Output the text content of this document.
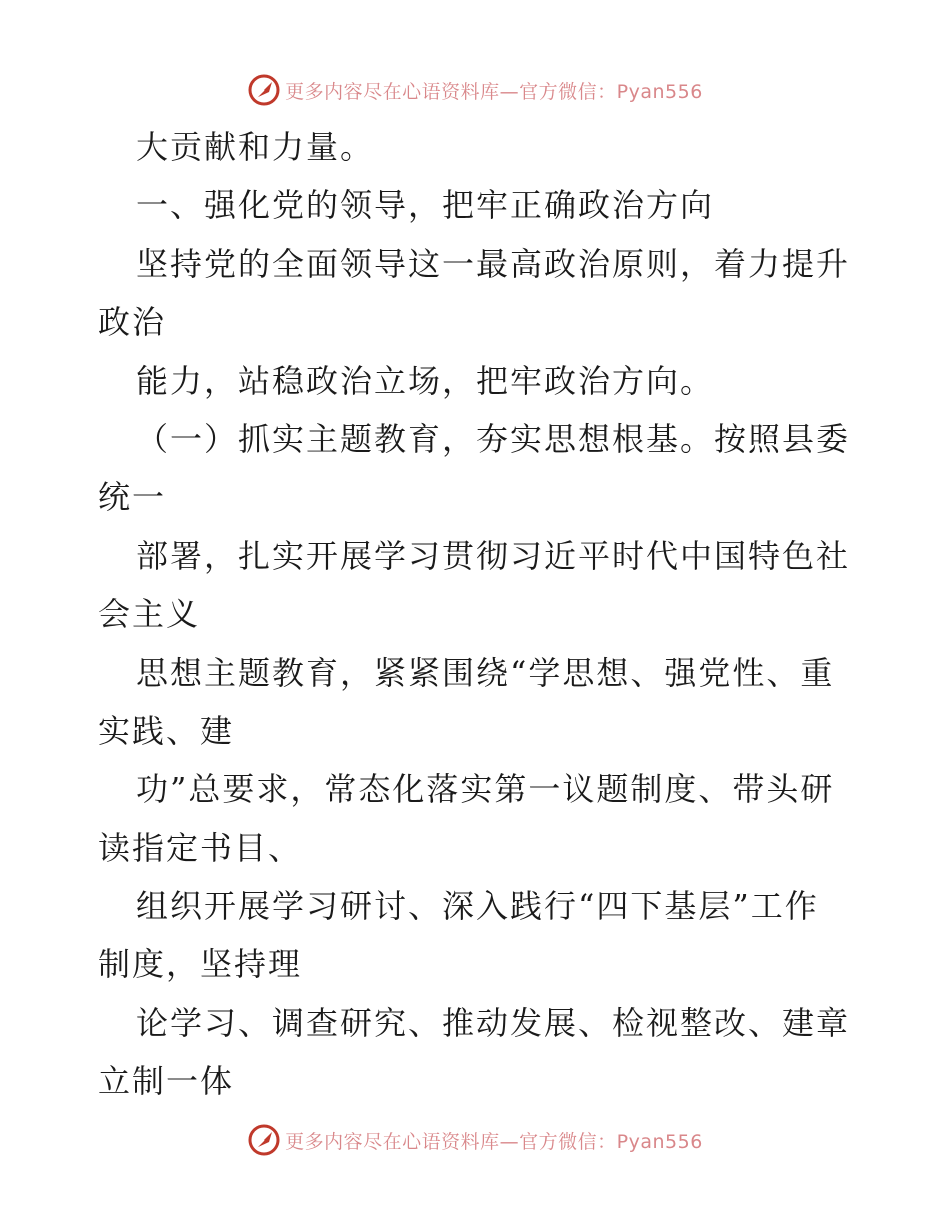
更多内容尽在心语资料库—官方微信：Pyan556
大贡献和力量。
一、强化党的领导，把牢正确政治方向
坚持党的全面领导这一最高政治原则，着力提升
政治
能力，站稳政治立场，把牢政治方向。
（一）抓实主题教育，夯实思想根基。按照县委
统一
部署，扎实开展学习贯彻习近平时代中国特色社
会主义
思想主题教育，紧紧围绕“学思想、强党性、重
实践、建
功”总要求，常态化落实第一议题制度、带头研
读指定书目、
组织开展学习研讨、深入践行“四下基层”工作
制度，坚持理
论学习、调查研究、推动发展、检视整改、建章
立制一体
更多内容尽在心语资料库—官方微信：Pyan556
